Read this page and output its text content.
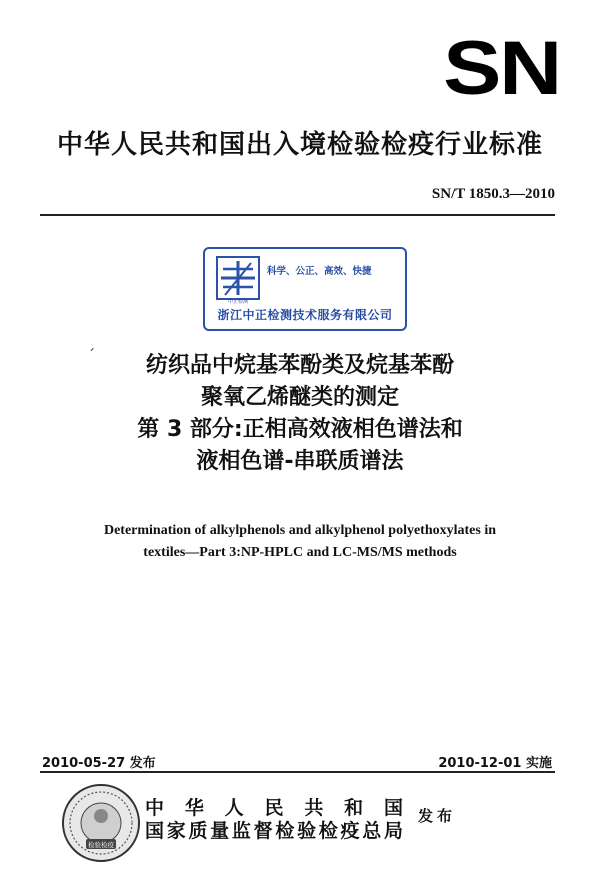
SN
中华人民共和国出入境检验检疫行业标准
SN/T 1850.3—2010
中正检测
科学、公正、高效、快捷
浙江中正检测技术服务有限公司
ˊ	纺织品中烷基苯酚类及烷基苯酚
聚氧乙烯醚类的测定
第 3 部分:正相高效液相色谱法和
液相色谱-串联质谱法
Determination of alkylphenols and alkylphenol polyethoxylates in
textiles—Part 3:NP-HPLC and LC-MS/MS methods
2010-05-27 发布	2010-12-01 实施
检验检疫
中华人民共和国
国家质量监督检验检疫总局
发布
